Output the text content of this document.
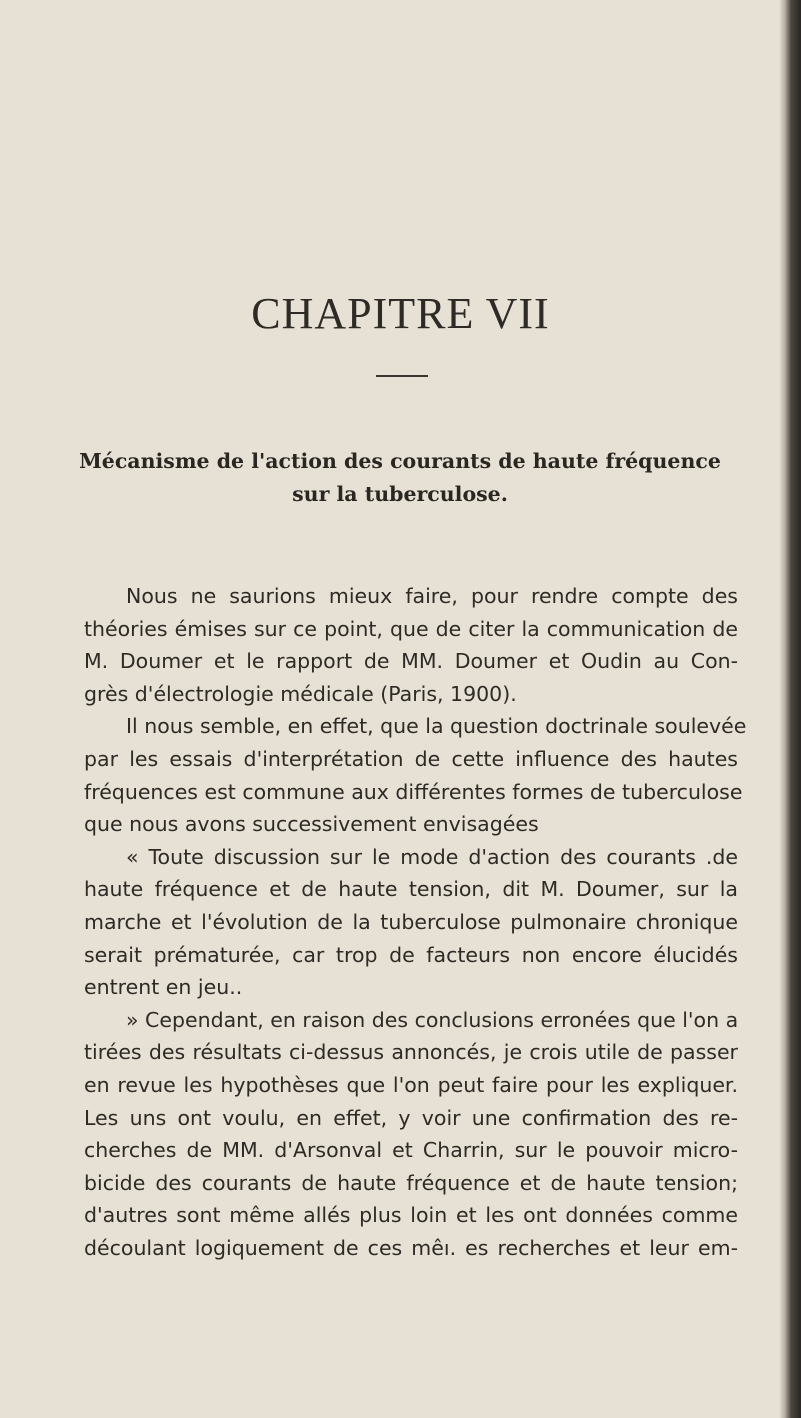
CHAPITRE VII
Mécanisme de l'action des courants de haute fréquence
sur la tuberculose.
Nous ne saurions mieux faire, pour rendre compte des
théories émises sur ce point, que de citer la communication de
M. Doumer et le rapport de MM. Doumer et Oudin au Con-
grès d'électrologie médicale (Paris, 1900).
Il nous semble, en effet, que la question doctrinale soulevée
par les essais d'interprétation de cette influence des hautes
fréquences est commune aux différentes formes de tuberculose
que nous avons successivement envisagées
« Toute discussion sur le mode d'action des courants .de
haute fréquence et de haute tension, dit M. Doumer, sur la
marche et l'évolution de la tuberculose pulmonaire chronique
serait prématurée, car trop de facteurs non encore élucidés
entrent en jeu..
» Cependant, en raison des conclusions erronées que l'on a
tirées des résultats ci-dessus annoncés, je crois utile de passer
en revue les hypothèses que l'on peut faire pour les expliquer.
Les uns ont voulu, en effet, y voir une confirmation des re-
cherches de MM. d'Arsonval et Charrin, sur le pouvoir micro-
bicide des courants de haute fréquence et de haute tension;
d'autres sont même allés plus loin et les ont données comme
découlant logiquement de ces mêı. es recherches et leur em-
